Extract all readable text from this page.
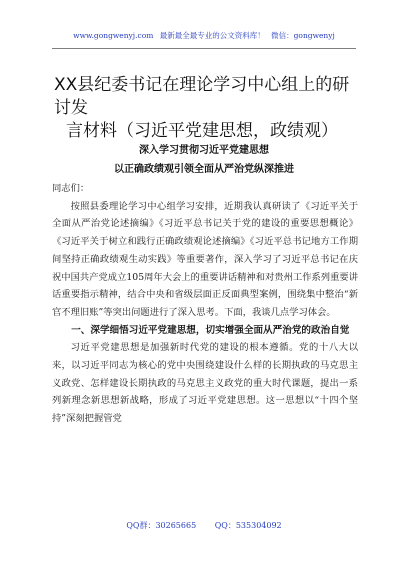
www.gongwenyj.com 最新最全最专业的公文资料库！ 微信：gongwenyj
XX县纪委书记在理论学习中心组上的研讨发
言材料（习近平党建思想，政绩观）
深入学习贯彻习近平党建思想
以正确政绩观引领全面从严治党纵深推进

同志们：

按照县委理论学习中心组学习安排，近期我认真研读了《习近平关于全面从严治党论述摘编》《习近平总书记关于党的建设的重要思想概论》《习近平关于树立和践行正确政绩观论述摘编》《习近平总书记地方工作期间坚持正确政绩观生动实践》等重要著作，深入学习了习近平总书记在庆祝中国共产党成立105周年大会上的重要讲话精神和对贵州工作系列重要讲话重要指示精神，结合中央和省级层面正反面典型案例，围绕集中整治“新官不理旧账”等突出问题进行了深入思考。下面，我谈几点学习体会。

一、深学细悟习近平党建思想，切实增强全面从严治党的政治自觉

习近平党建思想是加强新时代党的建设的根本遵循。党的十八大以来，以习近平同志为核心的党中央围绕建设什么样的长期执政的马克思主义政党、怎样建设长期执政的马克思主义政党的重大时代课题，提出一系列新理念新思想新战略，形成了习近平党建思想。这一思想以“十四个坚持”深刻把握管党

QQ群：30265665 QQ：535304092
